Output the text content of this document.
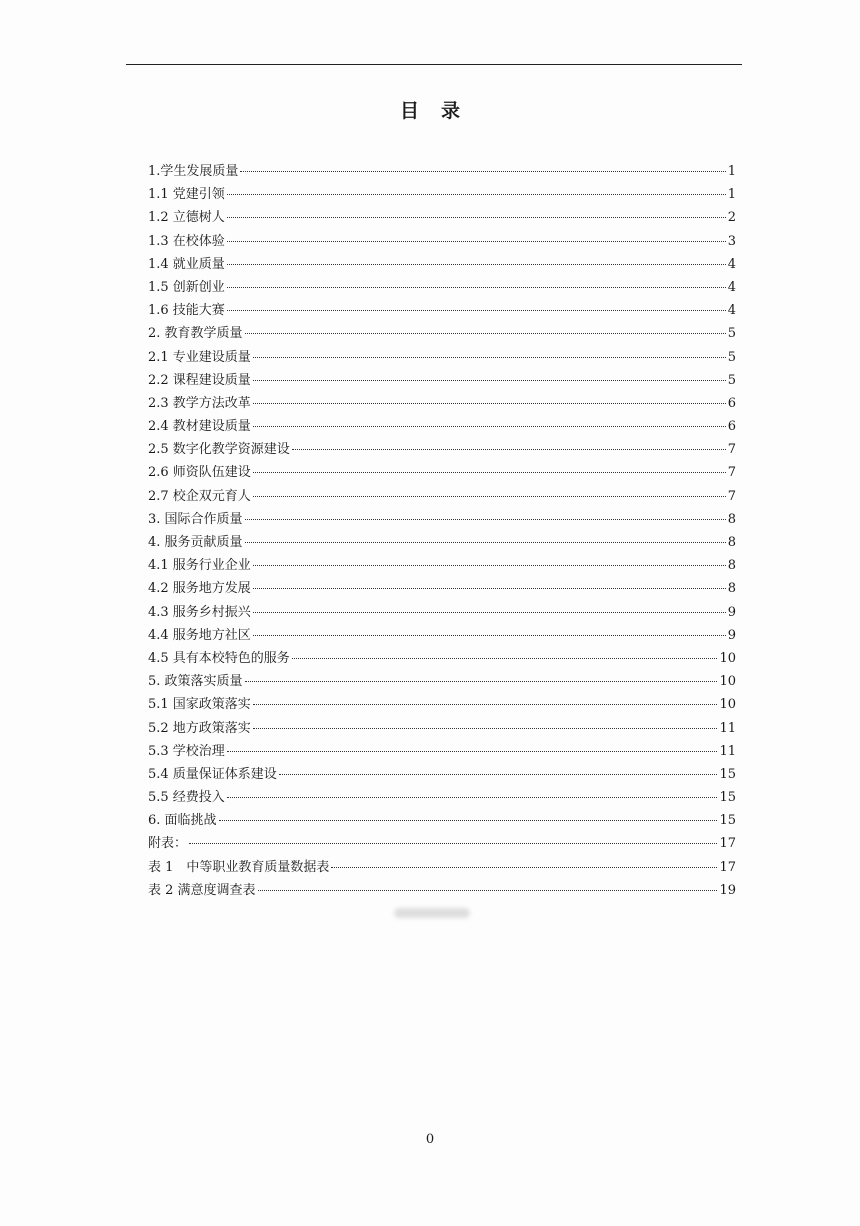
目录
1.学生发展质量	1
1.1 党建引领	1
1.2 立德树人	2
1.3 在校体验	3
1.4 就业质量	4
1.5 创新创业	4
1.6 技能大赛	4
2. 教育教学质量	5
2.1 专业建设质量	5
2.2 课程建设质量	5
2.3 教学方法改革	6
2.4 教材建设质量	6
2.5 数字化教学资源建设	7
2.6 师资队伍建设	7
2.7 校企双元育人	7
3. 国际合作质量	8
4. 服务贡献质量	8
4.1 服务行业企业	8
4.2 服务地方发展	8
4.3 服务乡村振兴	9
4.4 服务地方社区	9
4.5 具有本校特色的服务	10
5. 政策落实质量	10
5.1 国家政策落实	10
5.2 地方政策落实	11
5.3 学校治理	11
5.4 质量保证体系建设	15
5.5 经费投入	15
6. 面临挑战	15
附表：	17
表 1　中等职业教育质量数据表	17
表 2 满意度调查表	19
0
